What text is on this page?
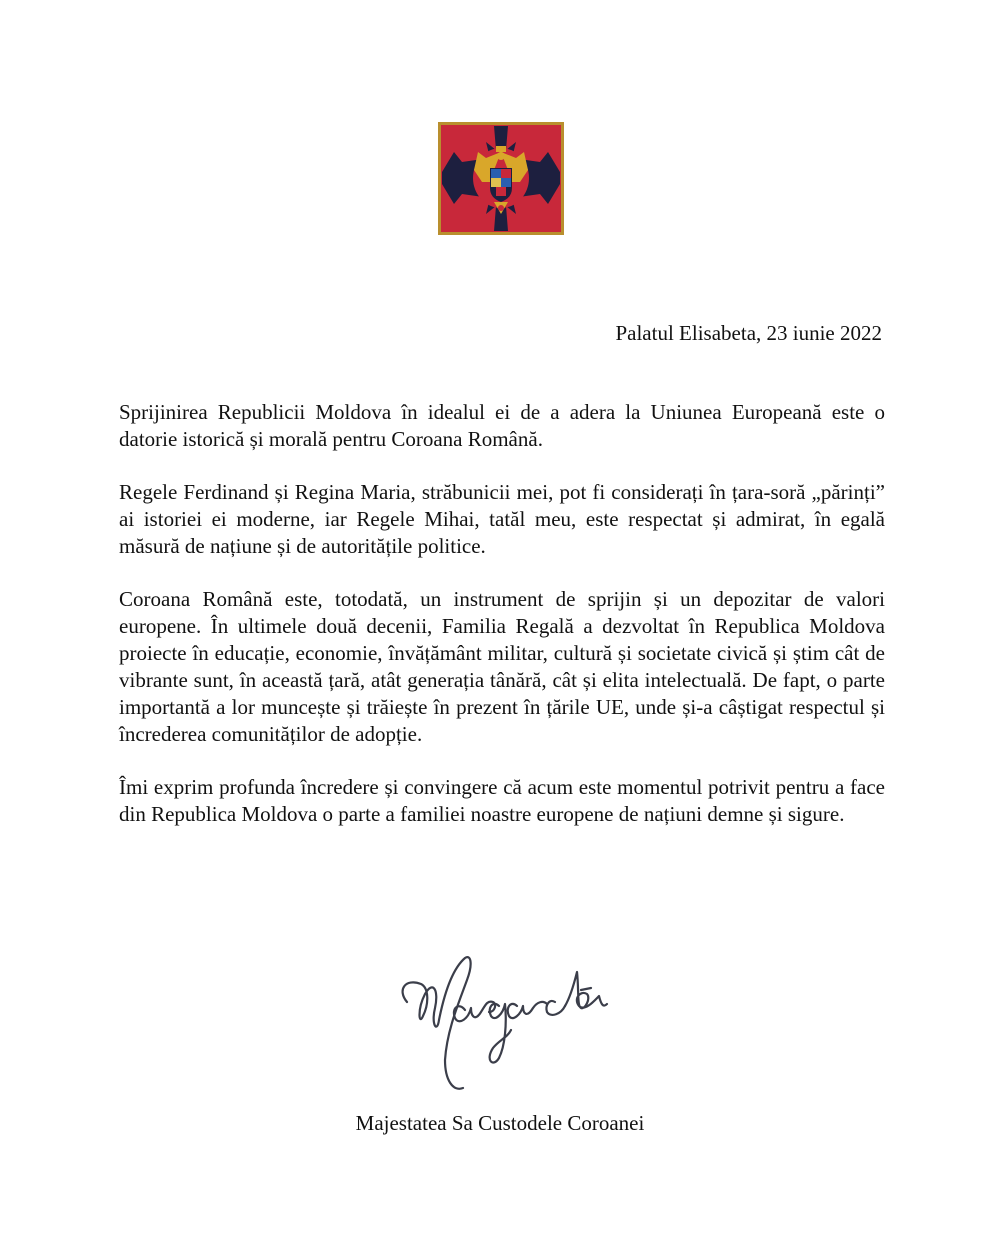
Palatul Elisabeta, 23 iunie 2022

Sprijinirea Republicii Moldova în idealul ei de a adera la Uniunea Europeană este o datorie istorică și morală pentru Coroana Română.

Regele Ferdinand și Regina Maria, străbunicii mei, pot fi considerați în țara-soră „părinți” ai istoriei ei moderne, iar Regele Mihai, tatăl meu, este respectat și admirat, în egală măsură de națiune și de autoritățile politice.

Coroana Română este, totodată, un instrument de sprijin și un depozitar de valori europene. În ultimele două decenii, Familia Regală a dezvoltat în Republica Moldova proiecte în educație, economie, învățământ militar, cultură și societate civică și știm cât de vibrante sunt, în această țară, atât generația tânără, cât și elita intelectuală. De fapt, o parte importantă a lor muncește și trăiește în prezent în țările UE, unde și-a câștigat respectul și încrederea comunităților de adopție.

Îmi exprim profunda încredere și convingere că acum este momentul potrivit pentru a face din Republica Moldova o parte a familiei noastre europene de națiuni demne și sigure.

Majestatea Sa Custodele Coroanei
